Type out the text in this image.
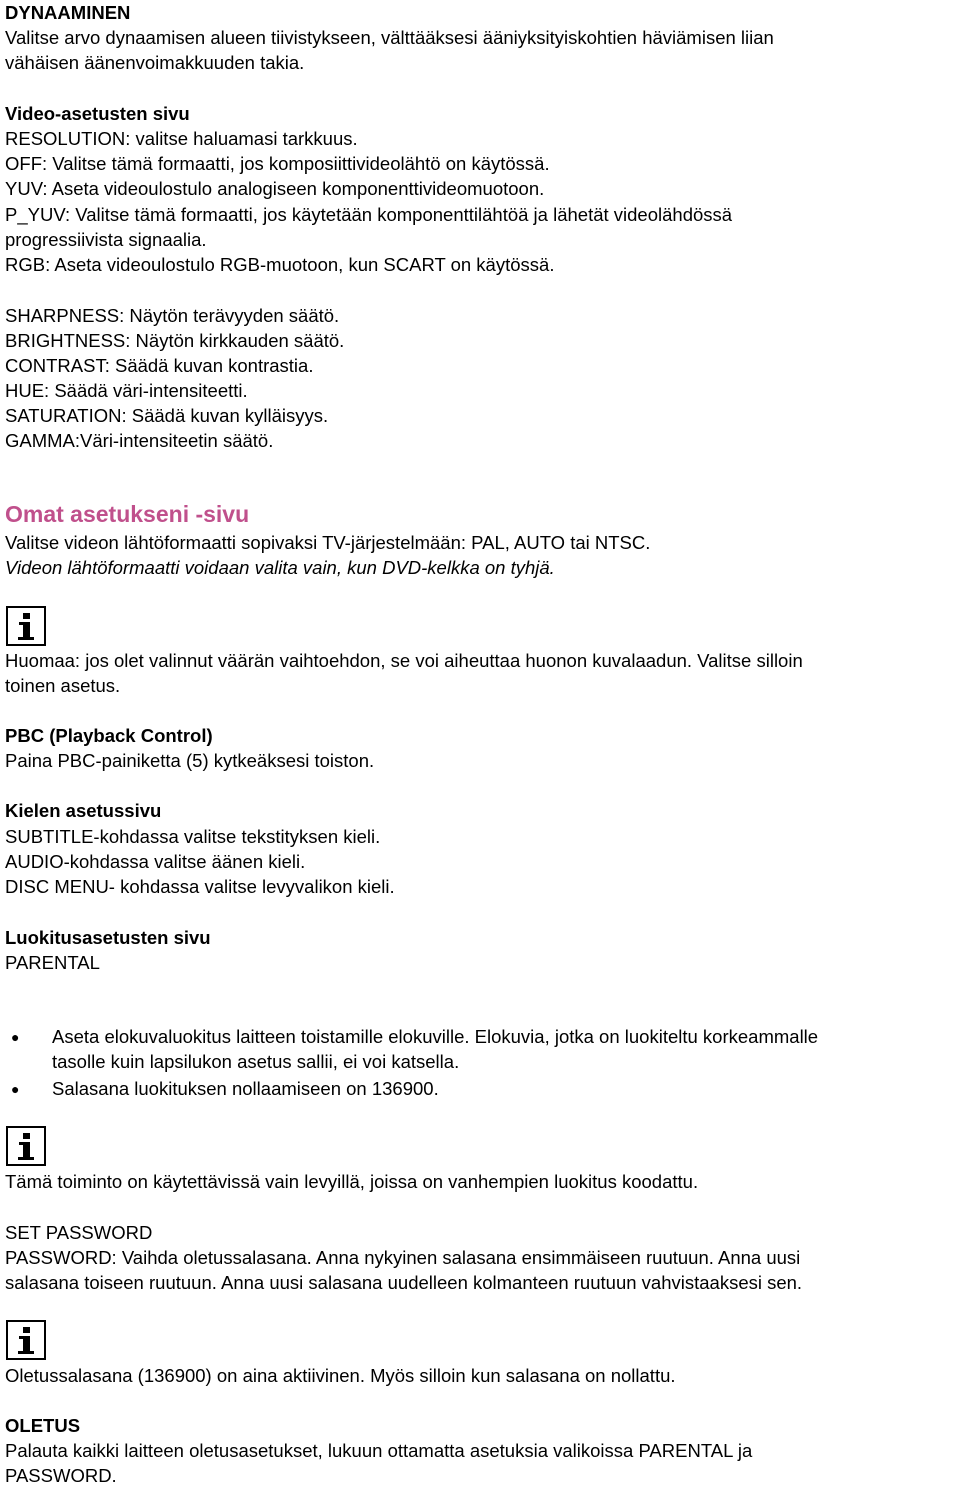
DYNAAMINEN
Valitse arvo dynaamisen alueen tiivistykseen, välttääksesi ääniyksityiskohtien häviämisen liian
vähäisen äänenvoimakkuuden takia.
Video-asetusten sivu
RESOLUTION: valitse haluamasi tarkkuus.
OFF: Valitse tämä formaatti, jos komposiittivideolähtö on käytössä.
YUV: Aseta videoulostulo analogiseen komponenttivideomuotoon.
P_YUV: Valitse tämä formaatti, jos käytetään komponenttilähtöä ja lähetät videolähdössä
progressiivista signaalia.
RGB: Aseta videoulostulo RGB-muotoon, kun SCART on käytössä.
SHARPNESS: Näytön terävyyden säätö.
BRIGHTNESS: Näytön kirkkauden säätö.
CONTRAST: Säädä kuvan kontrastia.
HUE: Säädä väri-intensiteetti.
SATURATION: Säädä kuvan kylläisyys.
GAMMA:Väri-intensiteetin säätö.
Omat asetukseni -sivu
Valitse videon lähtöformaatti sopivaksi TV-järjestelmään: PAL, AUTO tai NTSC.
Videon lähtöformaatti voidaan valita vain, kun DVD-kelkka on tyhjä.
Huomaa: jos olet valinnut väärän vaihtoehdon, se voi aiheuttaa huonon kuvalaadun. Valitse silloin
toinen asetus.
PBC (Playback Control)
Paina PBC-painiketta (5) kytkeäksesi toiston.
Kielen asetussivu
SUBTITLE-kohdassa valitse tekstityksen kieli.
AUDIO-kohdassa valitse äänen kieli.
DISC MENU- kohdassa valitse levyvalikon kieli.
Luokitusasetusten sivu
PARENTAL
● Aseta elokuvaluokitus laitteen toistamille elokuville. Elokuvia, jotka on luokiteltu korkeammalle
tasolle kuin lapsilukon asetus sallii, ei voi katsella.
● Salasana luokituksen nollaamiseen on 136900.
Tämä toiminto on käytettävissä vain levyillä, joissa on vanhempien luokitus koodattu.
SET PASSWORD
PASSWORD: Vaihda oletussalasana. Anna nykyinen salasana ensimmäiseen ruutuun. Anna uusi
salasana toiseen ruutuun. Anna uusi salasana uudelleen kolmanteen ruutuun vahvistaaksesi sen.
Oletussalasana (136900) on aina aktiivinen. Myös silloin kun salasana on nollattu.
OLETUS
Palauta kaikki laitteen oletusasetukset, lukuun ottamatta asetuksia valikoissa PARENTAL ja
PASSWORD.
